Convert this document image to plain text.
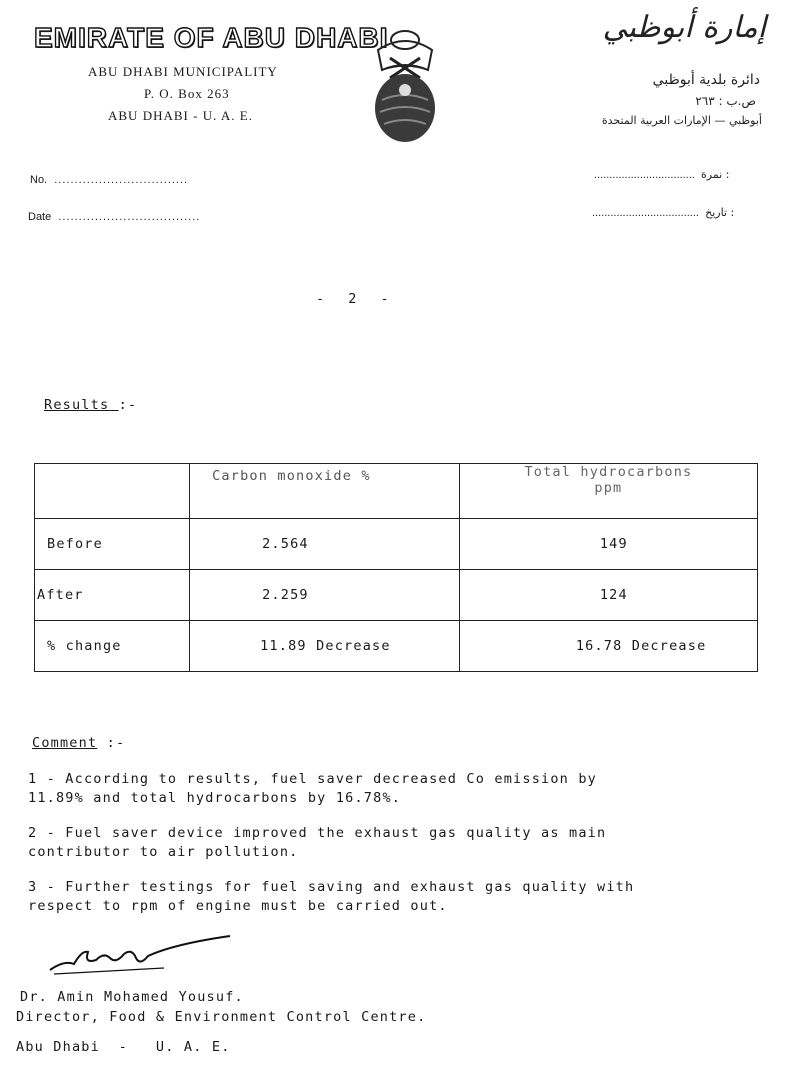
EMIRATE OF ABU DHABI
ABU DHABI MUNICIPALITY
P. O. Box 263
ABU DHABI - U. A. E.
إمارة أبوظبي
دائرة بلدية أبوظبي
ص.ب : ٢٦٣
أبوظبي — الإمارات العربية المتحدة
No.  .................................
Date  ...................................
.................................  نمرة :
...................................  تاريخ :
- 2 -
Results :-

	Carbon monoxide %	Total hydrocarbons
ppm

Before	2.564	149
After	2.259	124
% change	11.89 Decrease	16.78 Decrease
Comment :-
1 - According to results, fuel saver decreased Co emission by
11.89% and total hydrocarbons by 16.78%.
2 - Fuel saver device improved the exhaust gas quality as main
contributor to air pollution.
3 - Further testings for fuel saving and exhaust gas quality with
respect to rpm of engine must be carried out.
Dr. Amin Mohamed Yousuf.
Director, Food & Environment Control Centre.
Abu Dhabi  -   U. A. E.
